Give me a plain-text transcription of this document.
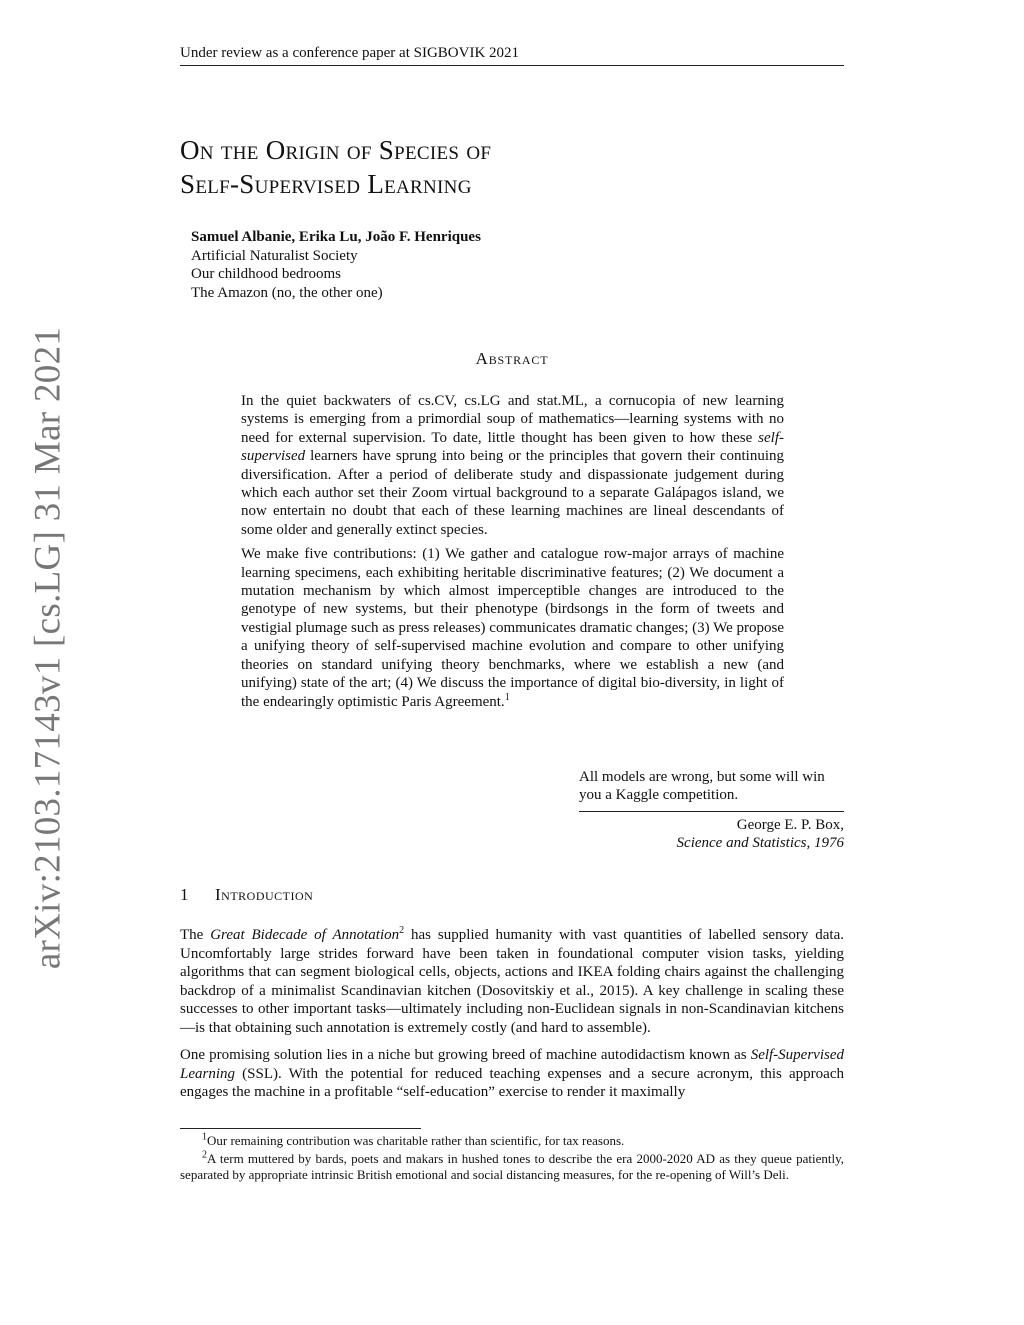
Under review as a conference paper at SIGBOVIK 2021
arXiv:2103.17143v1 [cs.LG] 31 Mar 2021
On the Origin of Species of
Self-Supervised Learning
Samuel Albanie, Erika Lu, João F. Henriques
Artificial Naturalist Society
Our childhood bedrooms
The Amazon (no, the other one)
Abstract

In the quiet backwaters of cs.CV, cs.LG and stat.ML, a cornucopia of new learning systems is emerging from a primordial soup of mathematics—learning systems with no need for external supervision. To date, little thought has been given to how these self-supervised learners have sprung into being or the principles that govern their continuing diversification. After a period of deliberate study and dispassionate judgement during which each author set their Zoom virtual background to a separate Galápagos island, we now entertain no doubt that each of these learning machines are lineal descendants of some older and generally extinct species.

We make five contributions: (1) We gather and catalogue row-major arrays of machine learning specimens, each exhibiting heritable discriminative features; (2) We document a mutation mechanism by which almost imperceptible changes are introduced to the genotype of new systems, but their phenotype (birdsongs in the form of tweets and vestigial plumage such as press releases) communicates dramatic changes; (3) We propose a unifying theory of self-supervised machine evolution and compare to other unifying theories on standard unifying theory benchmarks, where we establish a new (and unifying) state of the art; (4) We discuss the importance of digital bio-diversity, in light of the endearingly optimistic Paris Agreement.$^1$

All models are wrong, but some will win you a Kaggle competition.
George E. P. Box,
Science and Statistics, 1976
1 Introduction

The Great Bidecade of Annotation$^2$ has supplied humanity with vast quantities of labelled sensory data. Uncomfortably large strides forward have been taken in foundational computer vision tasks, yielding algorithms that can segment biological cells, objects, actions and IKEA folding chairs against the challenging backdrop of a minimalist Scandinavian kitchen (Dosovitskiy et al., 2015). A key challenge in scaling these successes to other important tasks—ultimately including non-Euclidean signals in non-Scandinavian kitchens—is that obtaining such annotation is extremely costly (and hard to assemble).

One promising solution lies in a niche but growing breed of machine autodidactism known as Self-Supervised Learning (SSL). With the potential for reduced teaching expenses and a secure acronym, this approach engages the machine in a profitable “self-education” exercise to render it maximally

$^1$Our remaining contribution was charitable rather than scientific, for tax reasons.

$^2$A term muttered by bards, poets and makars in hushed tones to describe the era 2000-2020 AD as they queue patiently, separated by appropriate intrinsic British emotional and social distancing measures, for the re-opening of Will’s Deli.
